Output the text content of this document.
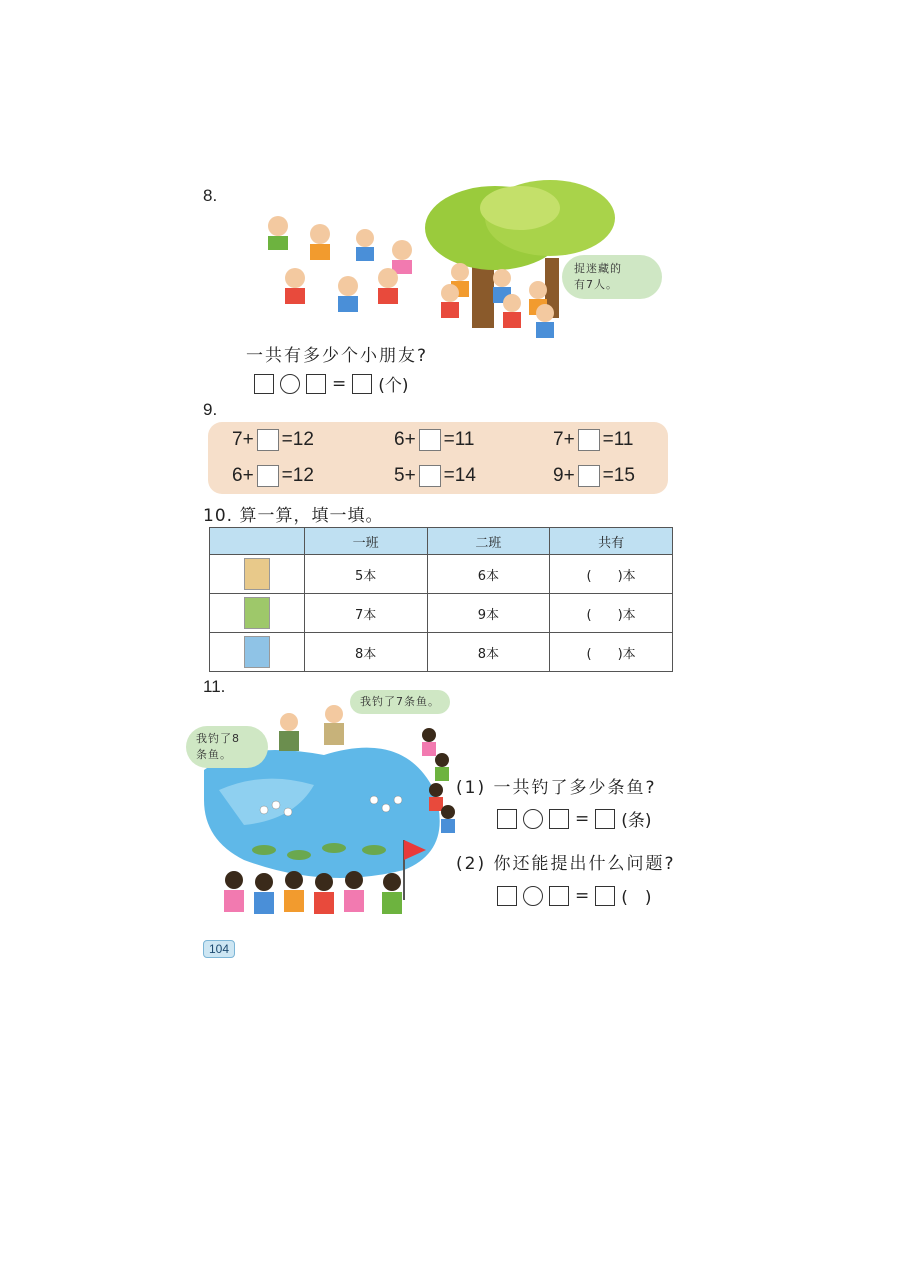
8.
捉迷藏的
有7人。
一共有多少个小朋友?
= (个)
9.
7+ =12	6+ =11	7+ =11
6+ =12	5+ =14	9+ =15
10. 算一算，填一填。
	一班	二班	共有

	5本	6本	(　　)本

	7本	9本	(　　)本

	8本	8本	(　　)本
11.
我钓了7条鱼。
我钓了8
条鱼。
(1) 一共钓了多少条鱼?
= (条)
(2) 你还能提出什么问题?
= (　)
104
